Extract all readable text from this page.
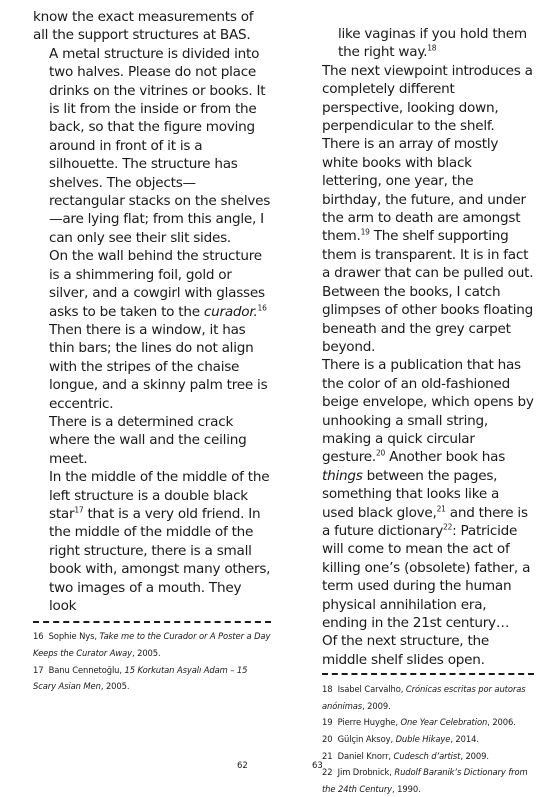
know the exact measurements of all the support structures at BAS.

A metal structure is divided into two halves. Please do not place drinks on the vitrines or books. It is lit from the inside or from the back, so that the figure moving around in front of it is a silhouette. The structure has shelves. The objects—rectangular stacks on the shelves—are lying flat; from this angle, I can only see their slit sides.

On the wall behind the structure is a shimmering foil, gold or silver, and a cowgirl with glasses asks to be taken to the curador.$^{16}$ Then there is a window, it has thin bars; the lines do not align with the stripes of the chaise longue, and a skinny palm tree is eccentric.

There is a determined crack where the wall and the ceiling meet.

In the middle of the middle of the left structure is a double black star$^{17}$ that is a very old friend. In the middle of the middle of the right structure, there is a small book with, amongst many others, two images of a mouth. They look

16 Sophie Nys, Take me to the Curador or A Poster a Day Keeps the Curator Away, 2005.

17 Banu Cennetoğlu, 15 Korkutan Asyalı Adam – 15 Scary Asian Men, 2005.

62

like vaginas if you hold them the right way.$^{18}$

The next viewpoint introduces a completely different perspective, looking down, perpendicular to the shelf. There is an array of mostly white books with black lettering, one year, the birthday, the future, and under the arm to death are amongst them.$^{19}$ The shelf supporting them is transparent. It is in fact a drawer that can be pulled out. Between the books, I catch glimpses of other books floating beneath and the grey carpet beyond.

There is a publication that has the color of an old-fashioned beige envelope, which opens by unhooking a small string, making a quick circular gesture.$^{20}$ Another book has things between the pages, something that looks like a used black glove,$^{21}$ and there is a future dictionary$^{22}$: Patricide will come to mean the act of killing one’s (obsolete) father, a term used during the human physical annihilation era, ending in the 21st century…

Of the next structure, the middle shelf slides open.

18 Isabel Carvalho, Crónicas escritas por autoras anónimas, 2009.

19 Pierre Huyghe, One Year Celebration, 2006.

20 Gülçin Aksoy, Duble Hikaye, 2014.

21 Daniel Knorr, Cudesch d’artist, 2009.

22 Jim Drobnick, Rudolf Baranik’s Dictionary from the 24th Century, 1990.

63
